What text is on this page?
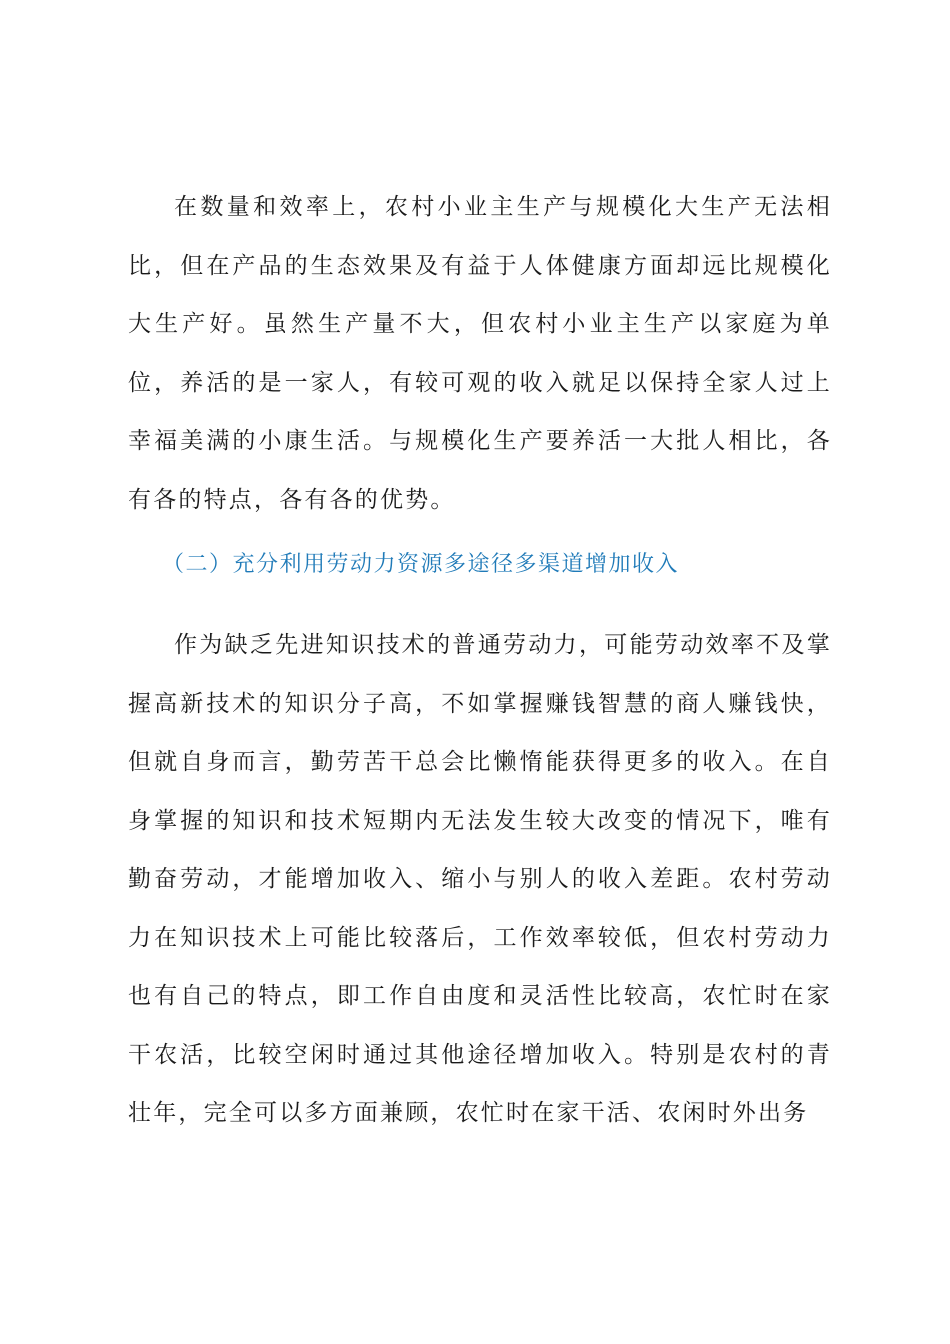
在数量和效率上，农村小业主生产与规模化大生产无法相比，但在产品的生态效果及有益于人体健康方面却远比规模化大生产好。虽然生产量不大，但农村小业主生产以家庭为单位，养活的是一家人，有较可观的收入就足以保持全家人过上幸福美满的小康生活。与规模化生产要养活一大批人相比，各有各的特点，各有各的优势。

（二）充分利用劳动力资源多途径多渠道增加收入

作为缺乏先进知识技术的普通劳动力，可能劳动效率不及掌握高新技术的知识分子高，不如掌握赚钱智慧的商人赚钱快，但就自身而言，勤劳苦干总会比懒惰能获得更多的收入。在自身掌握的知识和技术短期内无法发生较大改变的情况下，唯有勤奋劳动，才能增加收入、缩小与别人的收入差距。农村劳动力在知识技术上可能比较落后，工作效率较低，但农村劳动力也有自己的特点，即工作自由度和灵活性比较高，农忙时在家干农活，比较空闲时通过其他途径增加收入。特别是农村的青壮年，完全可以多方面兼顾，农忙时在家干活、农闲时外出务
